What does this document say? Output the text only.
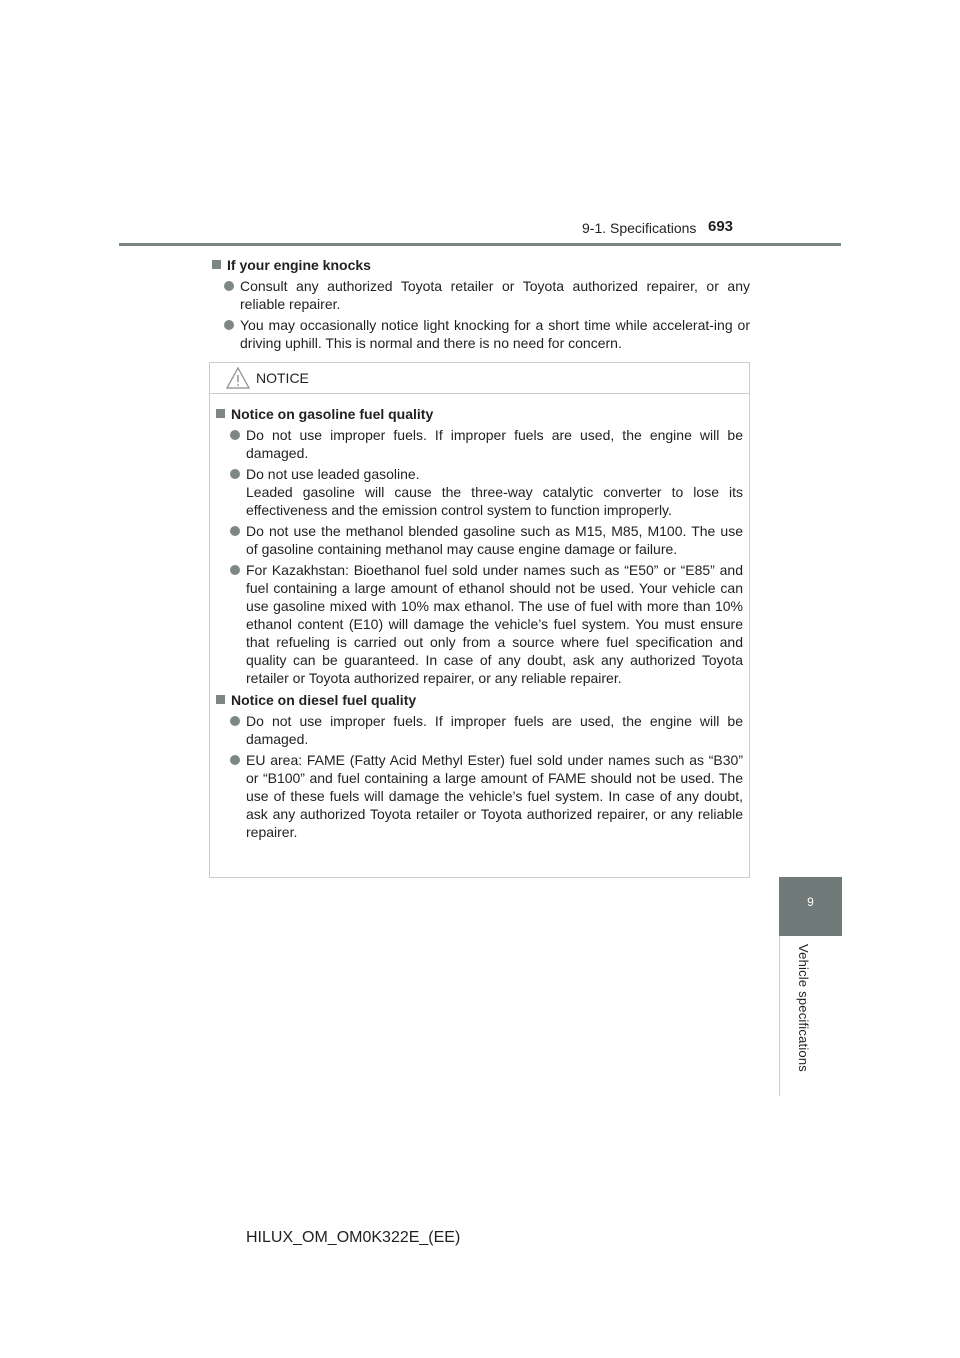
9-1. Specifications 693
9
Vehicle specifications
If your engine knocks
Consult any authorized Toyota retailer or Toyota authorized repairer, or any reliable repairer.
You may occasionally notice light knocking for a short time while accelerat-ing or driving uphill. This is normal and there is no need for concern.
NOTICE
Notice on gasoline fuel quality
Do not use improper fuels. If improper fuels are used, the engine will be damaged.
Do not use leaded gasoline.
Leaded gasoline will cause the three-way catalytic converter to lose its effectiveness and the emission control system to function improperly.
Do not use the methanol blended gasoline such as M15, M85, M100. The use of gasoline containing methanol may cause engine damage or failure.
For Kazakhstan: Bioethanol fuel sold under names such as “E50” or “E85” and fuel containing a large amount of ethanol should not be used. Your vehicle can use gasoline mixed with 10% max ethanol. The use of fuel with more than 10% ethanol content (E10) will damage the vehicle’s fuel system. You must ensure that refueling is carried out only from a source where fuel specification and quality can be guaranteed. In case of any doubt, ask any authorized Toyota retailer or Toyota authorized repairer, or any reliable repairer.
Notice on diesel fuel quality
Do not use improper fuels. If improper fuels are used, the engine will be damaged.
EU area: FAME (Fatty Acid Methyl Ester) fuel sold under names such as “B30” or “B100” and fuel containing a large amount of FAME should not be used. The use of these fuels will damage the vehicle’s fuel system. In case of any doubt, ask any authorized Toyota retailer or Toyota authorized repairer, or any reliable repairer.
HILUX_OM_OM0K322E_(EE)
